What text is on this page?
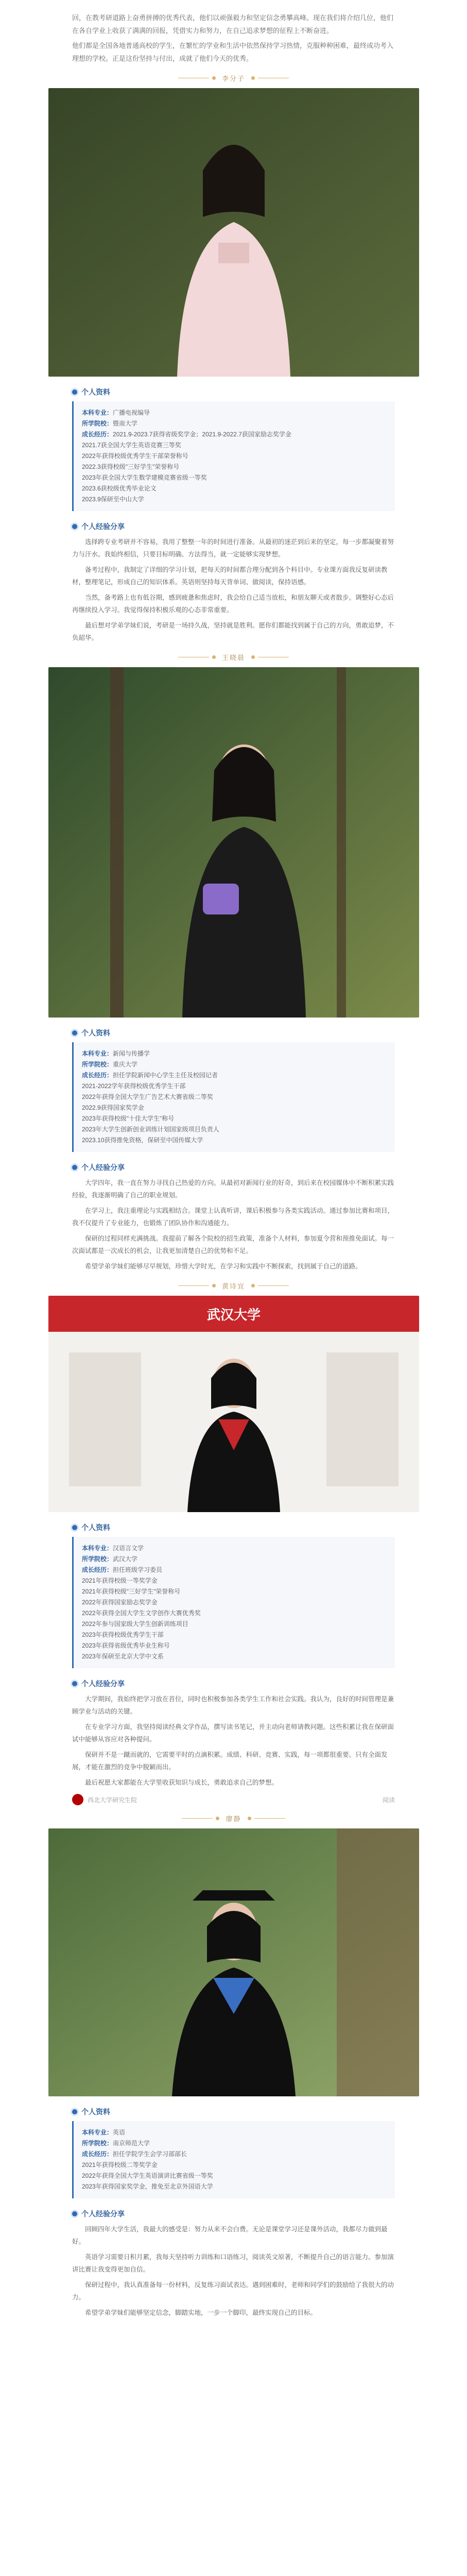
回，在教考研道路上奋勇拼搏的优秀代表，他们以顽强毅力和坚定信念勇攀高峰。现在我们将介绍几位，他们在各自学业上收获了满满的回报，凭借实力和努力，在自己追求梦想的征程上不断奋进。

他们都是全国各地普通高校的学生，在繁忙的学业和生活中依然保持学习热情，克服种种困难，最终成功考入理想的学校。正是这份坚持与付出，成就了他们今天的优秀。

李分子
个人资料
本科专业：广播电视编导
所学院校：暨南大学
成长经历：2021.9-2023.7获得省级奖学金；2021.9-2022.7获国家励志奖学金
2021.7获全国大学生英语竞赛三等奖
2022年获得校级优秀学生干部荣誉称号
2022.3获得校级"三好学生"荣誉称号
2023年获全国大学生数学建模竞赛省级一等奖
2023.6获校级优秀毕业论文
2023.9保研至中山大学
个人经验分享

选择跨专业考研并不容易，我用了整整一年的时间进行准备。从最初的迷茫到后来的坚定，每一步都凝聚着努力与汗水。我始终相信，只要目标明确、方法得当，就一定能够实现梦想。

备考过程中，我制定了详细的学习计划，把每天的时间都合理分配到各个科目中。专业课方面我反复研读教材，整理笔记，形成自己的知识体系。英语则坚持每天背单词、做阅读，保持语感。

当然，备考路上也有低谷期，感到疲惫和焦虑时，我会给自己适当放松，和朋友聊天或者散步。调整好心态后再继续投入学习。我觉得保持积极乐观的心态非常重要。

最后想对学弟学妹们说，考研是一场持久战，坚持就是胜利。愿你们都能找到属于自己的方向，勇敢追梦，不负韶华。

王晓晨
个人资料
本科专业：新闻与传播学
所学院校：重庆大学
成长经历：担任学院新闻中心学生主任及校园记者
2021-2022学年获得校级优秀学生干部
2022年获得全国大学生广告艺术大赛省级二等奖
2022.9获得国家奖学金
2023年获得校级"十佳大学生"称号
2023年大学生创新创业训练计划国家级项目负责人
2023.10获得推免资格，保研至中国传媒大学
个人经验分享

大学四年，我一直在努力寻找自己热爱的方向。从最初对新闻行业的好奇，到后来在校园媒体中不断积累实践经验，我逐渐明确了自己的职业规划。

在学习上，我注重理论与实践相结合。课堂上认真听讲，课后积极参与各类实践活动。通过参加比赛和项目，我不仅提升了专业能力，也锻炼了团队协作和沟通能力。

保研的过程同样充满挑战。我提前了解各个院校的招生政策，准备个人材料，参加夏令营和预推免面试。每一次面试都是一次成长的机会，让我更加清楚自己的优势和不足。

希望学弟学妹们能够尽早规划，珍惜大学时光，在学习和实践中不断探索，找到属于自己的道路。

黄诗宜
武汉大学
个人资料
本科专业：汉语言文学
所学院校：武汉大学
成长经历：担任班级学习委员
2021年获得校级一等奖学金
2021年获得校级"三好学生"荣誉称号
2022年获得国家励志奖学金
2022年获得全国大学生文学创作大赛优秀奖
2022年参与国家级大学生创新训练项目
2023年获得校级优秀学生干部
2023年获得省级优秀毕业生称号
2023年保研至北京大学中文系
个人经验分享

大学期间，我始终把学习放在首位，同时也积极参加各类学生工作和社会实践。我认为，良好的时间管理是兼顾学业与活动的关键。

在专业学习方面，我坚持阅读经典文学作品，撰写读书笔记，并主动向老师请教问题。这些积累让我在保研面试中能够从容应对各种提问。

保研并不是一蹴而就的，它需要平时的点滴积累。成绩、科研、竞赛、实践，每一项都很重要。只有全面发展，才能在激烈的竞争中脱颖而出。

最后祝愿大家都能在大学里收获知识与成长，勇敢追求自己的梦想。

西北大学研究生院	阅读
廖静
个人资料
本科专业：英语
所学院校：南京师范大学
成长经历：担任学院学生会学习部部长
2021年获得校级二等奖学金
2022年获得全国大学生英语演讲比赛省级一等奖
2023年获得国家奖学金，推免至北京外国语大学
个人经验分享

回顾四年大学生活，我最大的感受是：努力从来不会白费。无论是课堂学习还是课外活动，我都尽力做到最好。

英语学习需要日积月累，我每天坚持听力训练和口语练习，阅读英文原著，不断提升自己的语言能力。参加演讲比赛让我变得更加自信。

保研过程中，我认真准备每一份材料，反复练习面试表达。遇到困难时，老师和同学们的鼓励给了我很大的动力。

希望学弟学妹们能够坚定信念，脚踏实地，一步一个脚印，最终实现自己的目标。
